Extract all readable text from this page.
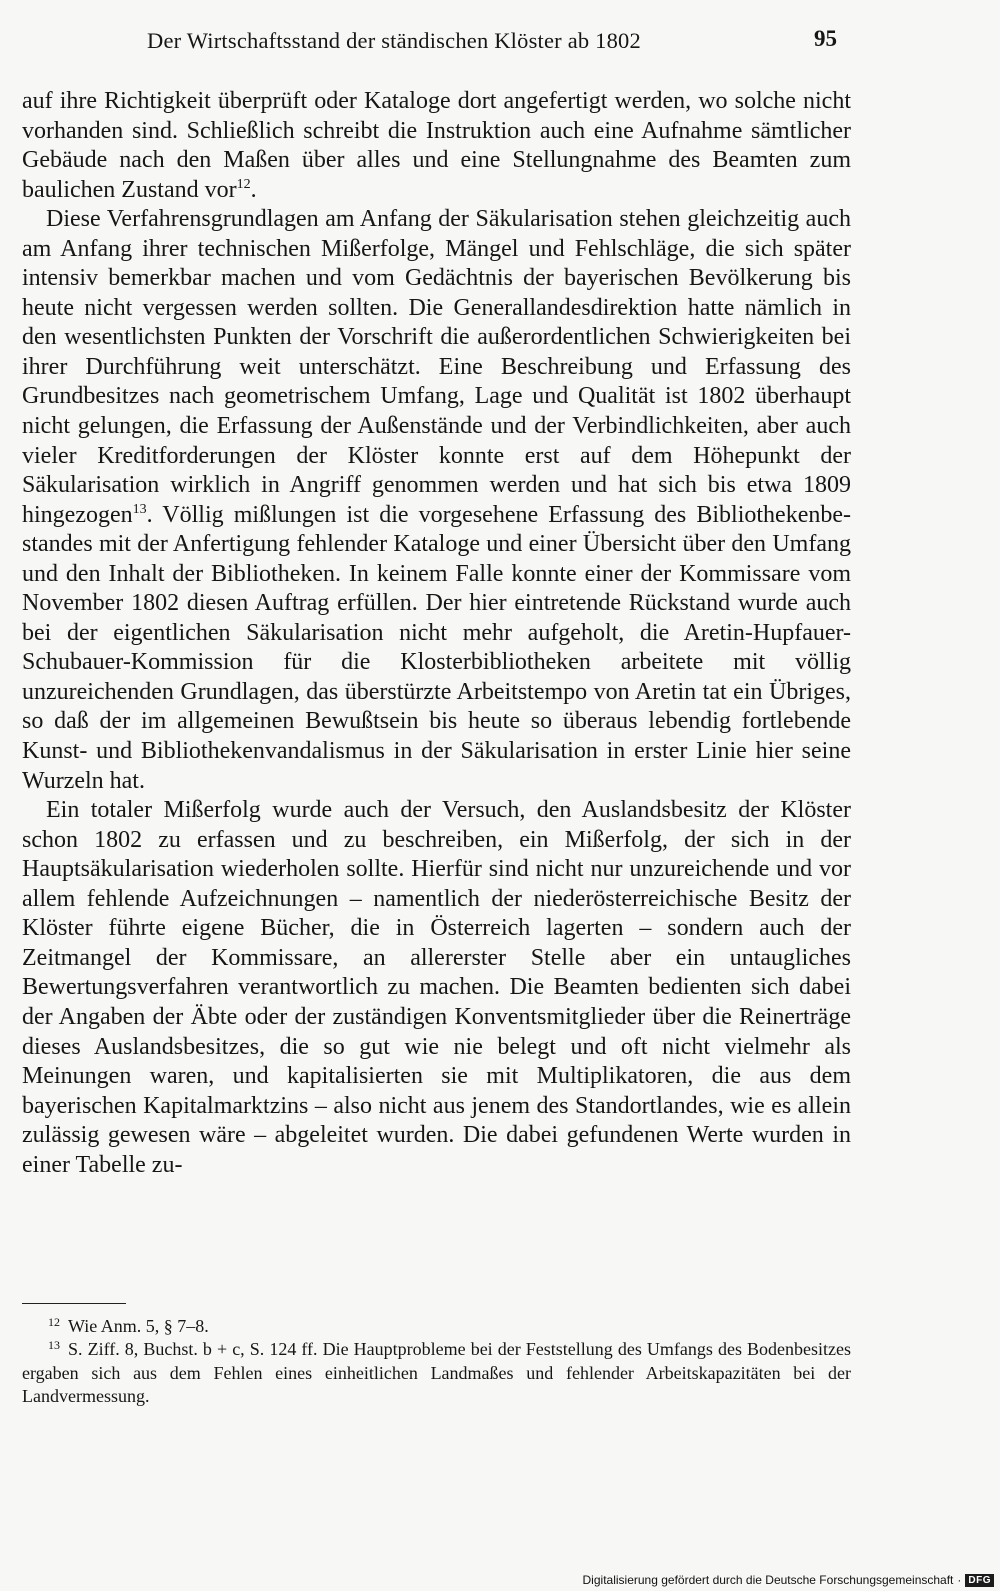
Der Wirtschaftsstand der ständischen Klöster ab 1802	95

auf ihre Richtigkeit überprüft oder Kataloge dort angefertigt werden, wo solche nicht vorhanden sind. Schließlich schreibt die Instruktion auch eine Aufnahme sämtlicher Gebäude nach den Maßen über alles und eine Stellungnahme des Beamten zum baulichen Zustand vor$^{12}$.

Diese Verfahrensgrundlagen am Anfang der Säkularisation stehen gleichzeitig auch am Anfang ihrer technischen Mißerfolge, Mängel und Fehlschläge, die sich später intensiv bemerkbar machen und vom Gedächtnis der bayerischen Bevölkerung bis heute nicht vergessen werden sollten. Die Generallandesdirektion hatte nämlich in den wesentlichsten Punkten der Vorschrift die außerordentlichen Schwierigkeiten bei ihrer Durchführung weit unterschätzt. Eine Beschreibung und Erfassung des Grundbesitzes nach geometrischem Umfang, Lage und Qualität ist 1802 überhaupt nicht gelungen, die Erfassung der Außenstände und der Verbindlichkeiten, aber auch vieler Kreditforderungen der Klöster konnte erst auf dem Höhepunkt der Säkularisation wirklich in Angriff genommen werden und hat sich bis etwa 1809 hingezogen$^{13}$. Völlig mißlungen ist die vorgesehene Erfassung des Bibliothekenbestandes mit der Anfertigung fehlender Kataloge und einer Übersicht über den Umfang und den Inhalt der Bibliotheken. In keinem Falle konnte einer der Kommissare vom November 1802 diesen Auftrag erfüllen. Der hier eintretende Rückstand wurde auch bei der eigentlichen Säkularisation nicht mehr aufgeholt, die Aretin-Hupfauer-Schubauer-Kommission für die Klosterbibliotheken arbeitete mit völlig unzureichenden Grundlagen, das überstürzte Arbeitstempo von Aretin tat ein Übriges, so daß der im allgemeinen Bewußtsein bis heute so überaus lebendig fortlebende Kunst- und Bibliothekenvandalismus in der Säkularisation in erster Linie hier seine Wurzeln hat.

Ein totaler Mißerfolg wurde auch der Versuch, den Auslandsbesitz der Klöster schon 1802 zu erfassen und zu beschreiben, ein Mißerfolg, der sich in der Hauptsäkularisation wiederholen sollte. Hierfür sind nicht nur unzureichende und vor allem fehlende Aufzeichnungen – namentlich der niederösterreichische Besitz der Klöster führte eigene Bücher, die in Österreich lagerten – sondern auch der Zeitmangel der Kommissare, an allererster Stelle aber ein untaugliches Bewertungsverfahren verantwortlich zu machen. Die Beamten bedienten sich dabei der Angaben der Äbte oder der zuständigen Konventsmitglieder über die Reinerträge dieses Auslandsbesitzes, die so gut wie nie belegt und oft nicht vielmehr als Meinungen waren, und kapitalisierten sie mit Multiplikatoren, die aus dem bayerischen Kapitalmarktzins – also nicht aus jenem des Standortlandes, wie es allein zulässig gewesen wäre – abgeleitet wurden. Die dabei gefundenen Werte wurden in einer Tabelle zu-

$^{12}$ Wie Anm. 5, § 7–8.

$^{13}$ S. Ziff. 8, Buchst. b + c, S. 124 ff. Die Hauptprobleme bei der Feststellung des Umfangs des Bodenbesitzes ergaben sich aus dem Fehlen eines einheitlichen Landmaßes und fehlender Arbeitskapazitäten bei der Landvermessung.

Digitalisierung gefördert durch die Deutsche Forschungsgemeinschaft · DFG
